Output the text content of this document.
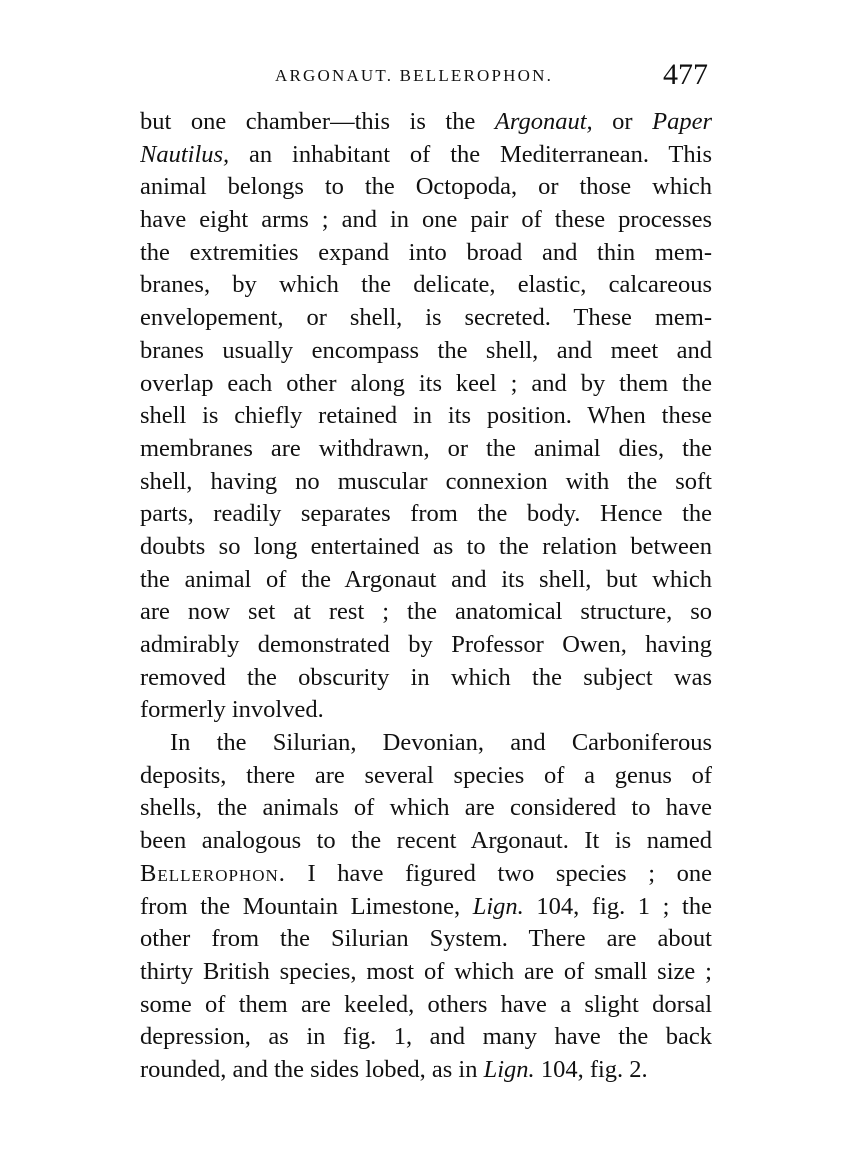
ARGONAUT. BELLEROPHON.	477
but one chamber—this is the Argonaut, or Paper
Nautilus, an inhabitant of the Mediterranean. This
animal belongs to the Octopoda, or those which
have eight arms ; and in one pair of these processes
the extremities expand into broad and thin mem-
branes, by which the delicate, elastic, calcareous
envelopement, or shell, is secreted. These mem-
branes usually encompass the shell, and meet and
overlap each other along its keel ; and by them the
shell is chiefly retained in its position. When these
membranes are withdrawn, or the animal dies, the
shell, having no muscular connexion with the soft
parts, readily separates from the body. Hence the
doubts so long entertained as to the relation between
the animal of the Argonaut and its shell, but which
are now set at rest ; the anatomical structure, so
admirably demonstrated by Professor Owen, having
removed the obscurity in which the subject was
formerly involved.
In the Silurian, Devonian, and Carboniferous
deposits, there are several species of a genus of
shells, the animals of which are considered to have
been analogous to the recent Argonaut. It is named
Bellerophon. I have figured two species ; one
from the Mountain Limestone, Lign. 104, fig. 1 ; the
other from the Silurian System. There are about
thirty British species, most of which are of small size ;
some of them are keeled, others have a slight dorsal
depression, as in fig. 1, and many have the back
rounded, and the sides lobed, as in Lign. 104, fig. 2.
